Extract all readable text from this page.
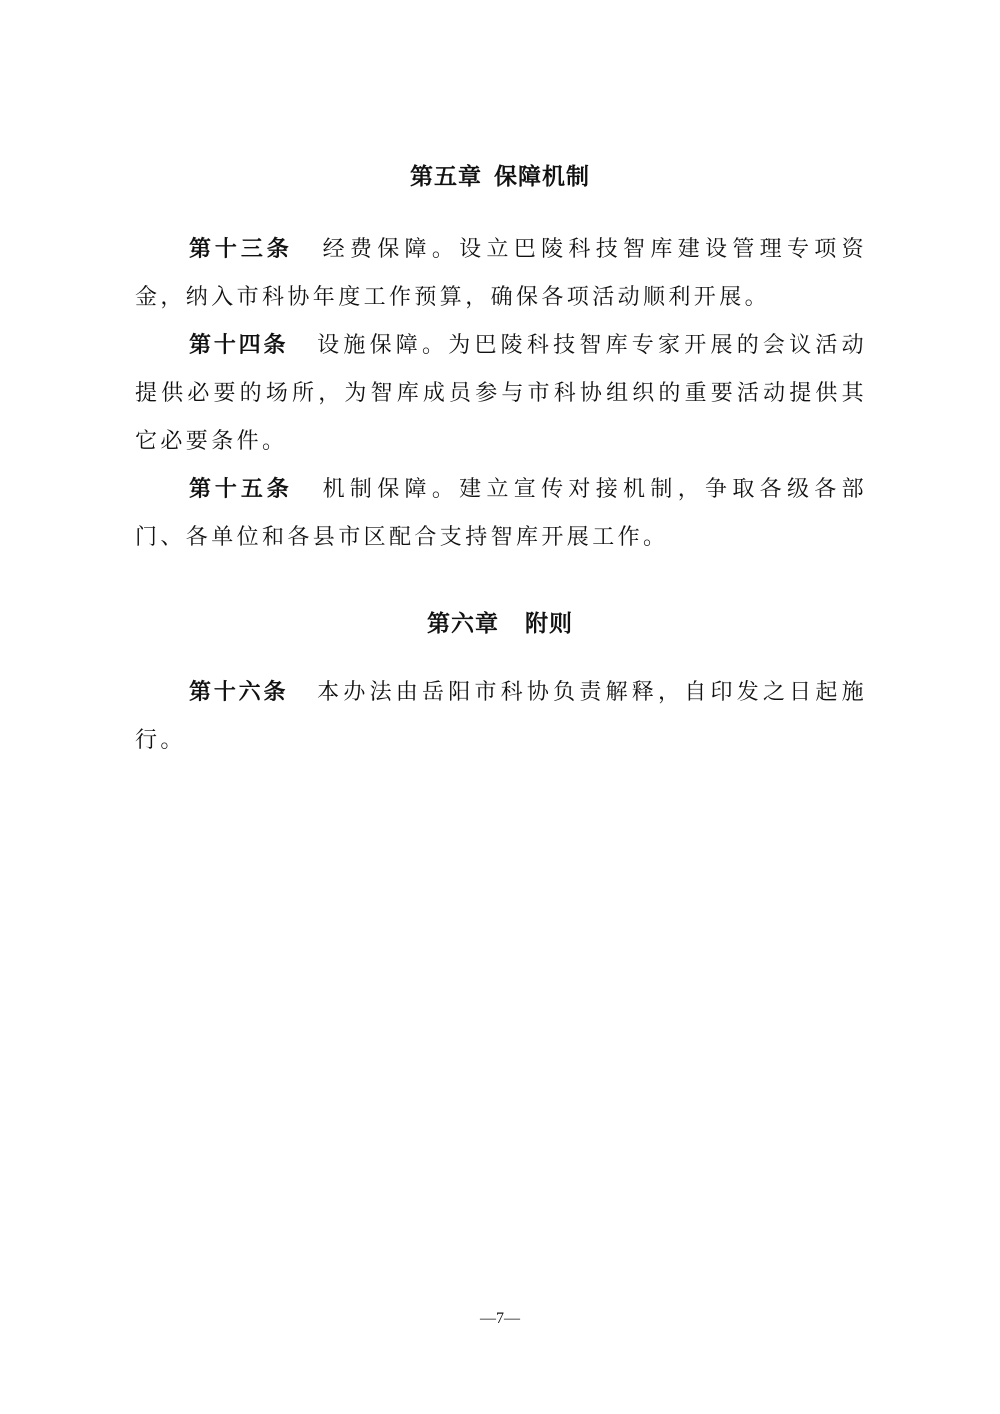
第五章 保障机制

第十三条 经费保障。设立巴陵科技智库建设管理专项资金，纳入市科协年度工作预算，确保各项活动顺利开展。

第十四条 设施保障。为巴陵科技智库专家开展的会议活动提供必要的场所，为智库成员参与市科协组织的重要活动提供其它必要条件。

第十五条 机制保障。建立宣传对接机制，争取各级各部门、各单位和各县市区配合支持智库开展工作。

第六章 附则

第十六条 本办法由岳阳市科协负责解释，自印发之日起施行。

—7—
